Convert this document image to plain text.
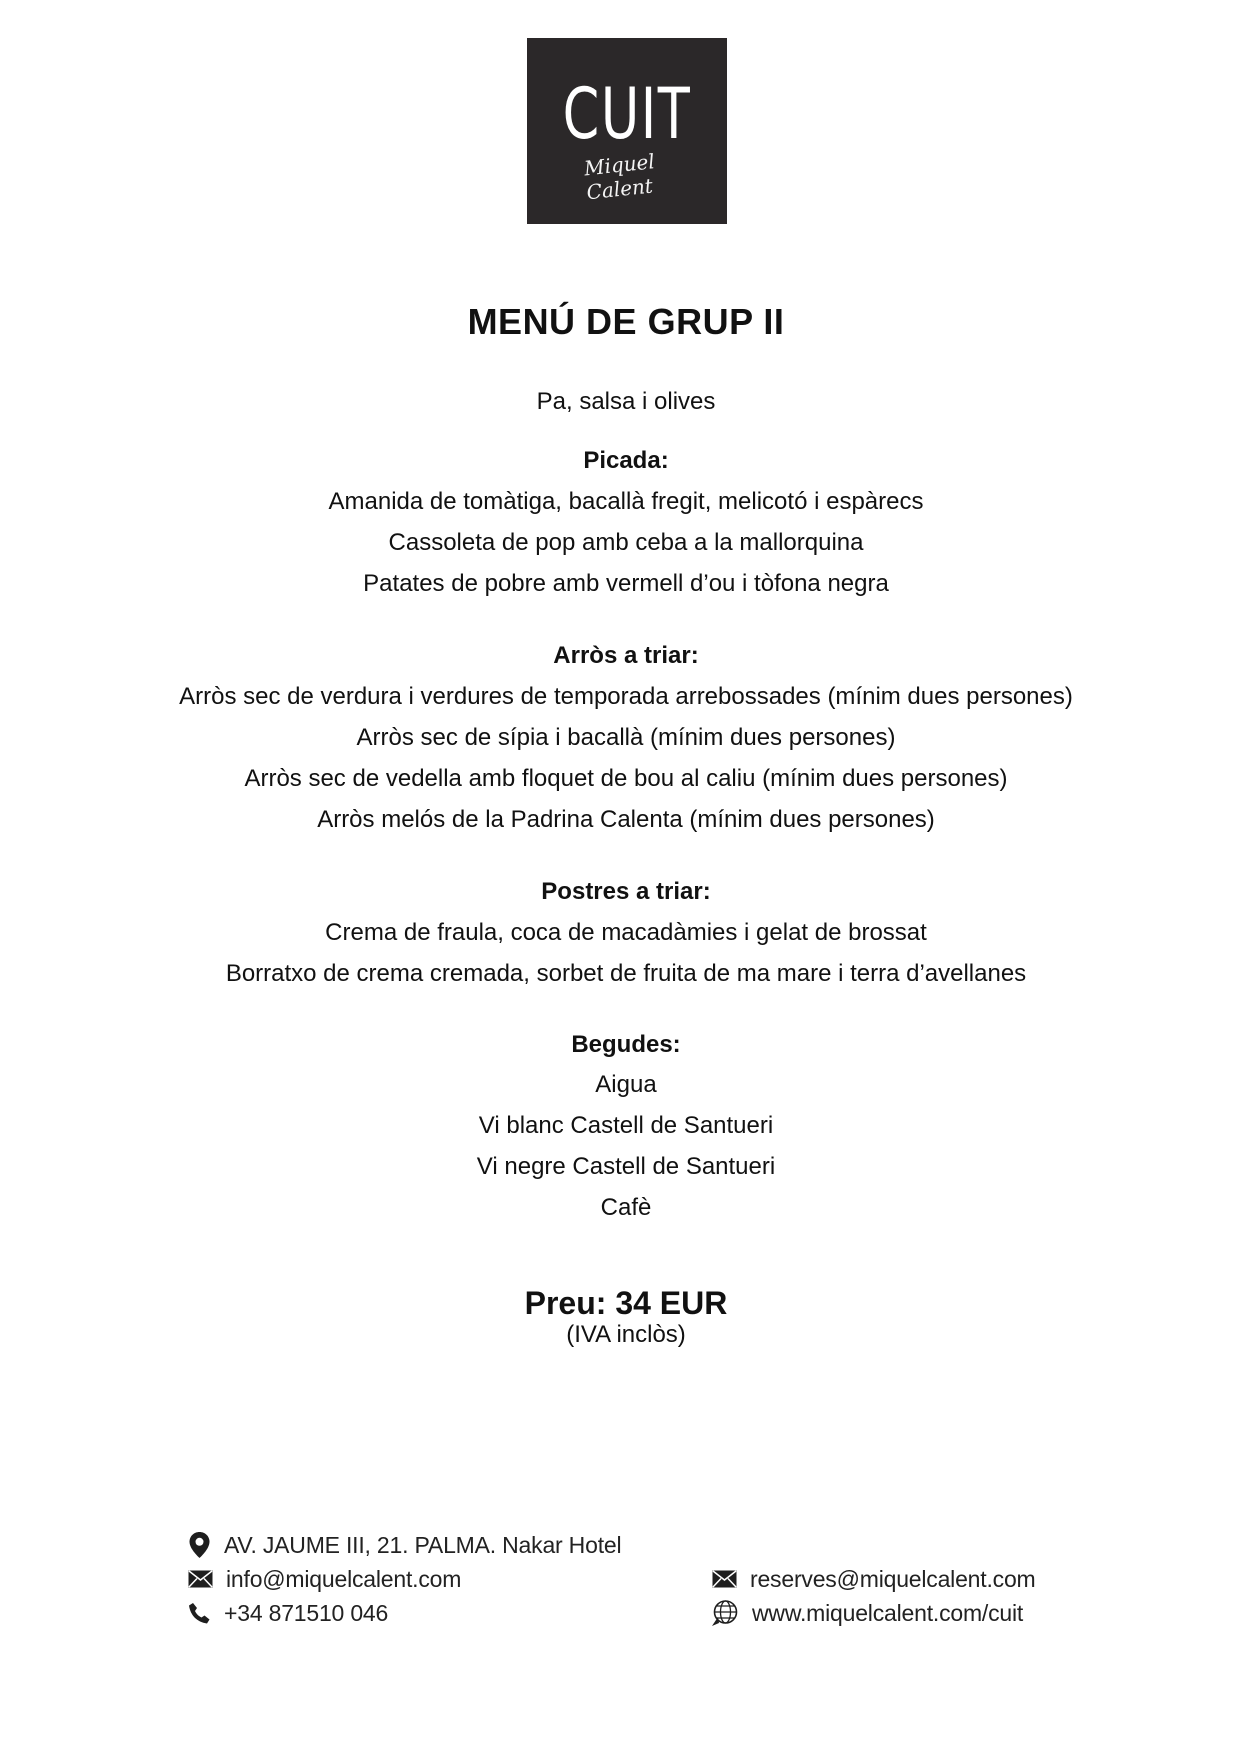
CUIT
Miquel Calent
MENÚ DE GRUP II
Pa, salsa i olives
Picada:
Amanida de tomàtiga, bacallà fregit, melicotó i espàrecs
Cassoleta de pop amb ceba a la mallorquina
Patates de pobre amb vermell d’ou i tòfona negra
Arròs a triar:
Arròs sec de verdura i verdures de temporada arrebossades (mínim dues persones)
Arròs sec de sípia i bacallà (mínim dues persones)
Arròs sec de vedella amb floquet de bou al caliu (mínim dues persones)
Arròs melós de la Padrina Calenta (mínim dues persones)
Postres a triar:
Crema de fraula, coca de macadàmies i gelat de brossat
Borratxo de crema cremada, sorbet de fruita de ma mare i terra d’avellanes
Begudes:
Aigua
Vi blanc Castell de Santueri
Vi negre Castell de Santueri
Cafè
Preu: 34 EUR
(IVA inclòs)
AV. JAUME III, 21. PALMA. Nakar Hotel
info@miquelcalent.com
+34 871510 046
reserves@miquelcalent.com
www.miquelcalent.com/cuit
